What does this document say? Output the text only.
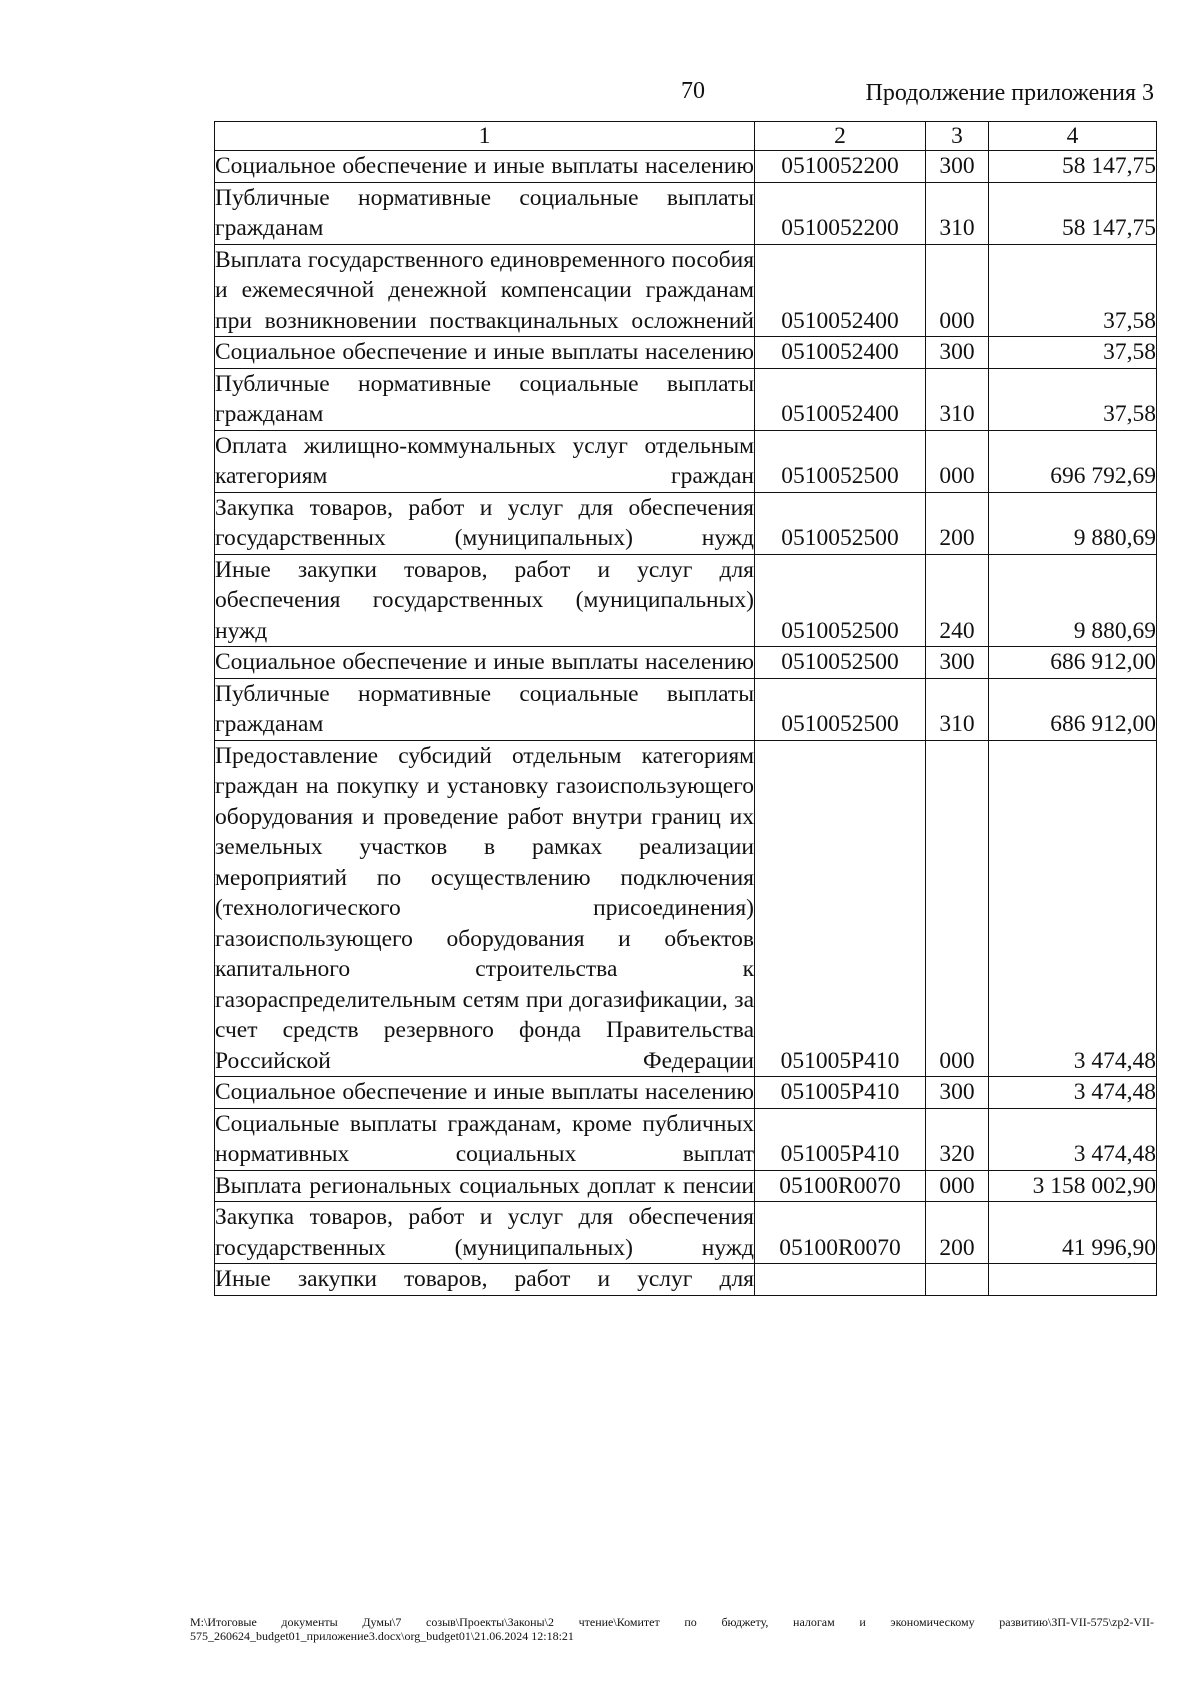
70	Продолжение приложения 3
1	2	3	4
Социальное обеспечение и иные выплаты населению	0510052200	300	58 147,75
Публичные нормативные социальные выплаты гражданам	0510052200	310	58 147,75
Выплата государственного единовременного пособия и ежемесячной денежной компенсации гражданам при возникновении поствакцинальных осложнений	0510052400	000	37,58
Социальное обеспечение и иные выплаты населению	0510052400	300	37,58
Публичные нормативные социальные выплаты гражданам	0510052400	310	37,58
Оплата жилищно-коммунальных услуг отдельным категориям граждан	0510052500	000	696 792,69
Закупка товаров, работ и услуг для обеспечения государственных (муниципальных) нужд	0510052500	200	9 880,69
Иные закупки товаров, работ и услуг для обеспечения государственных (муниципальных) нужд	0510052500	240	9 880,69
Социальное обеспечение и иные выплаты населению	0510052500	300	686 912,00
Публичные нормативные социальные выплаты гражданам	0510052500	310	686 912,00
Предоставление субсидий отдельным категориям граждан на покупку и установку газоиспользующего оборудования и проведение работ внутри границ их земельных участков в рамках реализации мероприятий по осуществлению подключения (технологического присоединения) газоиспользующего оборудования и объектов капитального строительства к газораспределительным сетям при догазификации, за счет средств резервного фонда Правительства Российской Федерации	051005Р410	000	3 474,48
Социальное обеспечение и иные выплаты населению	051005Р410	300	3 474,48
Социальные выплаты гражданам, кроме публичных нормативных социальных выплат	051005Р410	320	3 474,48
Выплата региональных социальных доплат к пенсии	05100R0070	000	3 158 002,90
Закупка товаров, работ и услуг для обеспечения государственных (муниципальных) нужд	05100R0070	200	41 996,90
Иные закупки товаров, работ и услуг для			
М:\Итоговые документы Думы\7 созыв\Проекты\Законы\2 чтение\Комитет по бюджету, налогам и экономическому развитию\ЗП-VII-575\zp2-VII-575_260624_budget01_приложение3.docx\org_budget01\21.06.2024 12:18:21
